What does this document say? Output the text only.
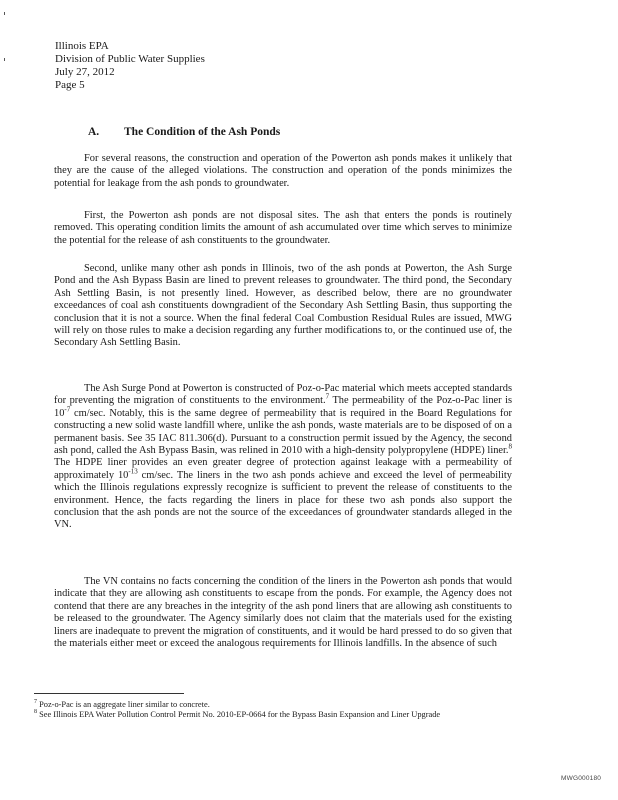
Illinois EPA
Division of Public Water Supplies
July 27, 2012
Page 5
A. The Condition of the Ash Ponds

For several reasons, the construction and operation of the Powerton ash ponds makes it unlikely that they are the cause of the alleged violations. The construction and operation of the ponds minimizes the potential for leakage from the ash ponds to groundwater.

First, the Powerton ash ponds are not disposal sites. The ash that enters the ponds is routinely removed. This operating condition limits the amount of ash accumulated over time which serves to minimize the potential for the release of ash constituents to the groundwater.

Second, unlike many other ash ponds in Illinois, two of the ash ponds at Powerton, the Ash Surge Pond and the Ash Bypass Basin are lined to prevent releases to groundwater. The third pond, the Secondary Ash Settling Basin, is not presently lined. However, as described below, there are no groundwater exceedances of coal ash constituents downgradient of the Secondary Ash Settling Basin, thus supporting the conclusion that it is not a source. When the final federal Coal Combustion Residual Rules are issued, MWG will rely on those rules to make a decision regarding any further modifications to, or the continued use of, the Secondary Ash Settling Basin.

The Ash Surge Pond at Powerton is constructed of Poz-o-Pac material which meets accepted standards for preventing the migration of constituents to the environment.$^7$ The permeability of the Poz-o-Pac liner is 10$^{-7}$ cm/sec. Notably, this is the same degree of permeability that is required in the Board Regulations for constructing a new solid waste landfill where, unlike the ash ponds, waste materials are to be disposed of on a permanent basis. See 35 IAC 811.306(d). Pursuant to a construction permit issued by the Agency, the second ash pond, called the Ash Bypass Basin, was relined in 2010 with a high-density polypropylene (HDPE) liner.$^8$ The HDPE liner provides an even greater degree of protection against leakage with a permeability of approximately 10$^{-13}$ cm/sec. The liners in the two ash ponds achieve and exceed the level of permeability which the Illinois regulations expressly recognize is sufficient to prevent the release of constituents to the environment. Hence, the facts regarding the liners in place for these two ash ponds also support the conclusion that the ash ponds are not the source of the exceedances of groundwater standards alleged in the VN.

The VN contains no facts concerning the condition of the liners in the Powerton ash ponds that would indicate that they are allowing ash constituents to escape from the ponds. For example, the Agency does not contend that there are any breaches in the integrity of the ash pond liners that are allowing ash constituents to be released to the groundwater. The Agency similarly does not claim that the materials used for the existing liners are inadequate to prevent the migration of constituents, and it would be hard pressed to do so given that the materials either meet or exceed the analogous requirements for Illinois landfills. In the absence of such

$^7$ Poz-o-Pac is an aggregate liner similar to concrete.

$^8$ See Illinois EPA Water Pollution Control Permit No. 2010-EP-0664 for the Bypass Basin Expansion and Liner Upgrade

MWG000180
